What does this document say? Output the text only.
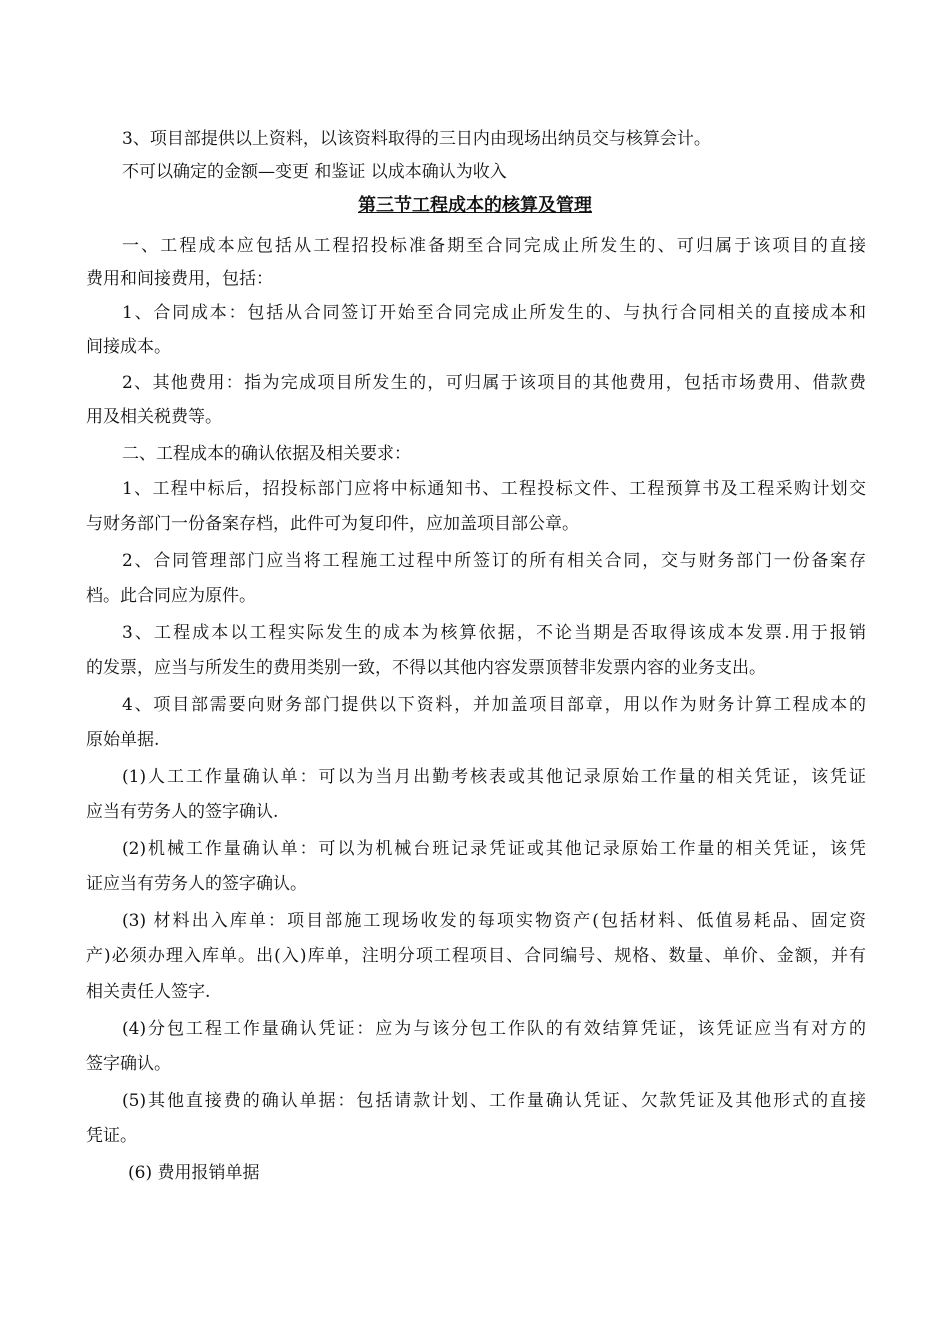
3、项目部提供以上资料，以该资料取得的三日内由现场出纳员交与核算会计。
不可以确定的金额—变更 和鉴证 以成本确认为收入
第三节工程成本的核算及管理
一、工程成本应包括从工程招投标准备期至合同完成止所发生的、可归属于该项目的直接
费用和间接费用，包括：
1、合同成本：包括从合同签订开始至合同完成止所发生的、与执行合同相关的直接成本和
间接成本。
2、其他费用：指为完成项目所发生的，可归属于该项目的其他费用，包括市场费用、借款费
用及相关税费等。
二、工程成本的确认依据及相关要求：
1、工程中标后，招投标部门应将中标通知书、工程投标文件、工程预算书及工程采购计划交
与财务部门一份备案存档，此件可为复印件，应加盖项目部公章。
2、合同管理部门应当将工程施工过程中所签订的所有相关合同，交与财务部门一份备案存
档。此合同应为原件。
3、工程成本以工程实际发生的成本为核算依据，不论当期是否取得该成本发票.用于报销
的发票，应当与所发生的费用类别一致，不得以其他内容发票顶替非发票内容的业务支出。
4、项目部需要向财务部门提供以下资料，并加盖项目部章，用以作为财务计算工程成本的
原始单据.
(1)人工工作量确认单：可以为当月出勤考核表或其他记录原始工作量的相关凭证，该凭证
应当有劳务人的签字确认.
(2)机械工作量确认单：可以为机械台班记录凭证或其他记录原始工作量的相关凭证，该凭
证应当有劳务人的签字确认。
(3) 材料出入库单：项目部施工现场收发的每项实物资产(包括材料、低值易耗品、固定资
产)必须办理入库单。出(入)库单，注明分项工程项目、合同编号、规格、数量、单价、金额，并有
相关责任人签字.
(4)分包工程工作量确认凭证：应为与该分包工作队的有效结算凭证，该凭证应当有对方的
签字确认。
(5)其他直接费的确认单据：包括请款计划、工作量确认凭证、欠款凭证及其他形式的直接
凭证。
(6) 费用报销单据
